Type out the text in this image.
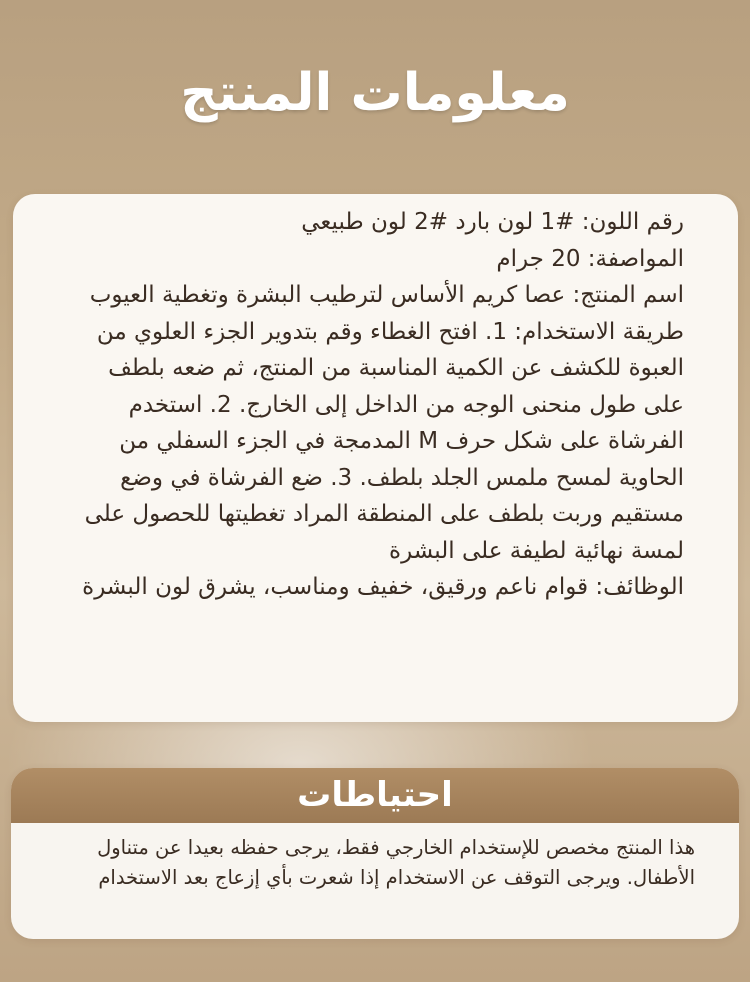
معلومات المنتج

رقم اللون: #1 لون بارد #2 لون طبيعي

المواصفة: 20 جرام

اسم المنتج: عصا كريم الأساس لترطيب البشرة وتغطية العيوب

طريقة الاستخدام: 1. افتح الغطاء وقم بتدوير الجزء العلوي من العبوة للكشف عن الكمية المناسبة من المنتج، ثم ضعه بلطف على طول منحنى الوجه من الداخل إلى الخارج. 2. استخدم الفرشاة على شكل حرف M المدمجة في الجزء السفلي من الحاوية لمسح ملمس الجلد بلطف. 3. ضع الفرشاة في وضع مستقيم وربت بلطف على المنطقة المراد تغطيتها للحصول على لمسة نهائية لطيفة على البشرة

الوظائف: قوام ناعم ورقيق، خفيف ومناسب، يشرق لون البشرة

احتياطات

هذا المنتج مخصص للإستخدام الخارجي فقط، يرجى حفظه بعيدا عن متناول الأطفال. ويرجى التوقف عن الاستخدام إذا شعرت بأي إزعاج بعد الاستخدام
